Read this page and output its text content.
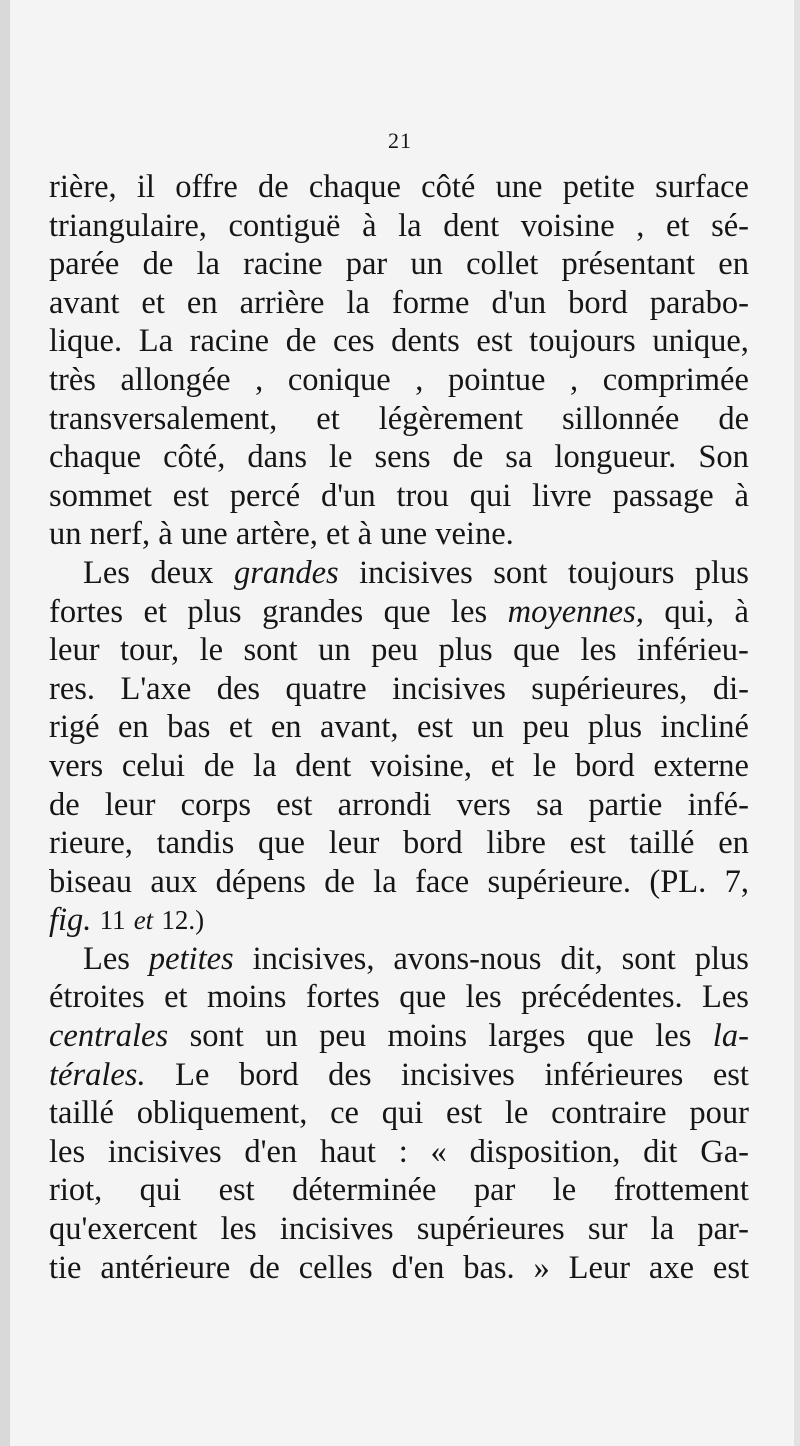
21
rière, il offre de chaque côté une petite surface
triangulaire, contiguë à la dent voisine , et sé-
parée de la racine par un collet présentant en
avant et en arrière la forme d'un bord parabo-
lique. La racine de ces dents est toujours unique,
très allongée , conique , pointue , comprimée
transversalement, et légèrement sillonnée de
chaque côté, dans le sens de sa longueur. Son
sommet est percé d'un trou qui livre passage à
un
nerf,
à
une
artère,
et
à
une
veine.
Les deux grandes incisives sont toujours plus
fortes et plus grandes que les moyennes, qui, à
leur tour, le sont un peu plus que les inférieu-
res. L'axe des quatre incisives supérieures, di-
rigé en bas et en avant, est un peu plus incliné
vers celui de la dent voisine, et le bord externe
de leur corps est arrondi vers sa partie infé-
rieure, tandis que leur bord libre est taillé en
biseau aux dépens de la face supérieure. (PL. 7,
fig.
11
et
12.)
Les petites incisives, avons-nous dit, sont plus
étroites et moins fortes que les précédentes. Les
centrales sont un peu moins larges que les la-
térales. Le bord des incisives inférieures est
taillé obliquement, ce qui est le contraire pour
les incisives d'en haut : « disposition, dit Ga-
riot, qui est déterminée par le frottement
qu'exercent les incisives supérieures sur la par-
tie antérieure de celles d'en bas. » Leur axe est
